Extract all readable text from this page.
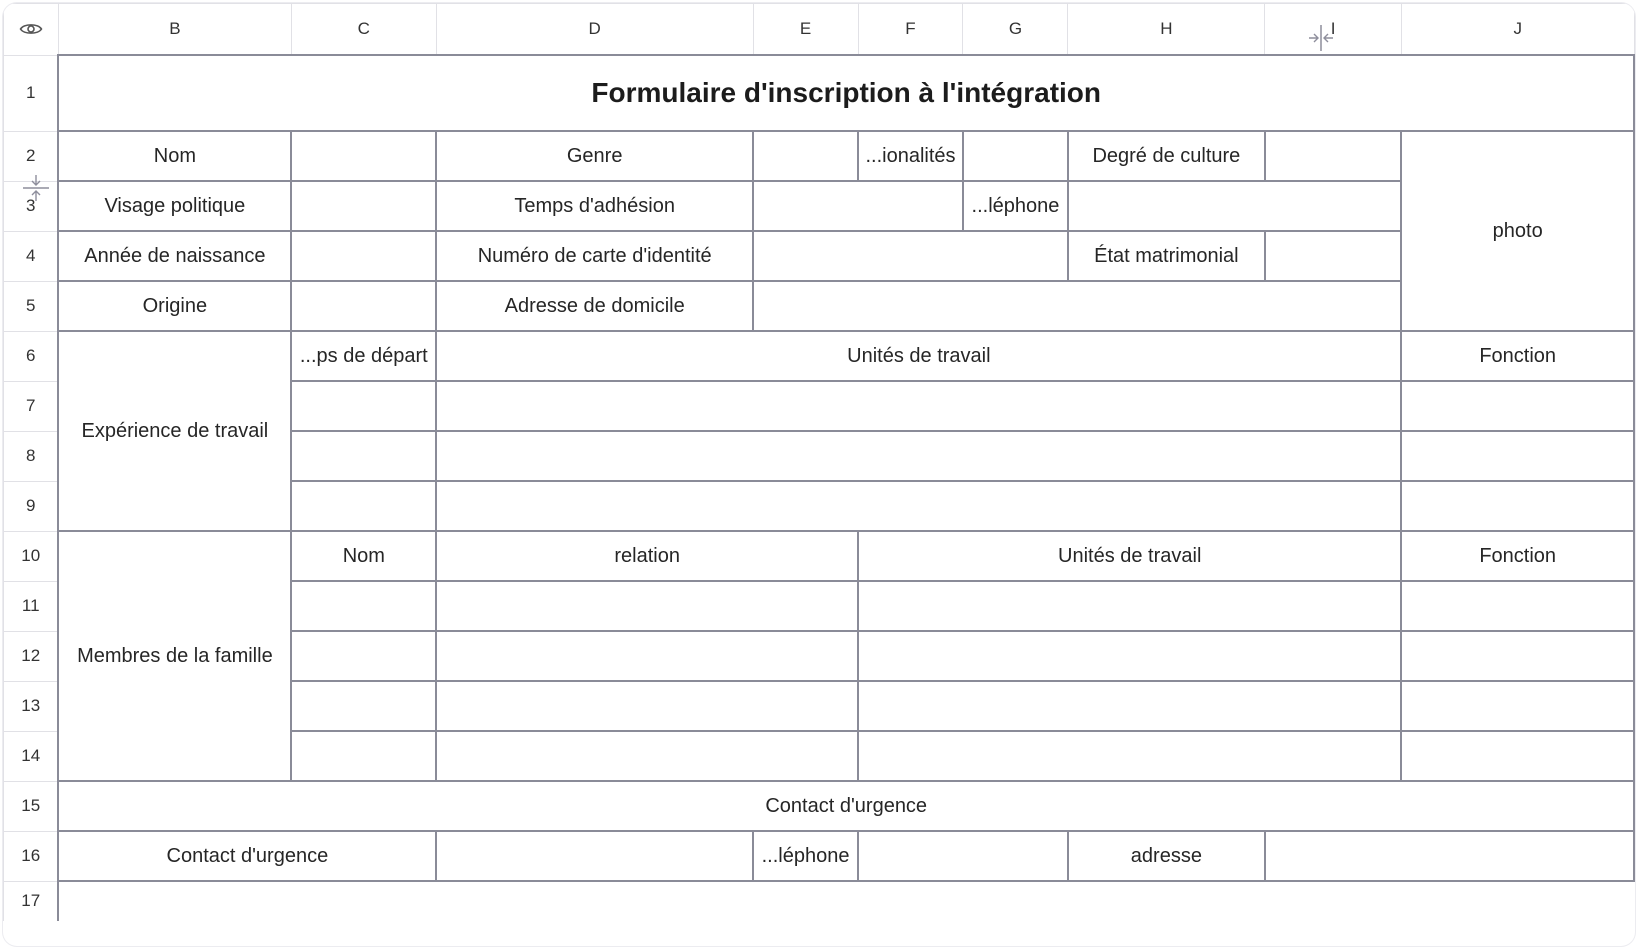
	B	C	D	E	F	G	H	I	J
1	Formulaire d'inscription à l'intégration								
2	Nom		Genre		...ionalités		Degré de culture		photo
3	Visage politique		Temps d'adhésion			...léphone			
4	Année de naissance		Numéro de carte d'identité				État matrimonial		
5	Origine		Adresse de domicile						
6	Expérience de travail	...ps de départ	Unités de travail						Fonction
7									
8									
9									
10	Membres de la famille	Nom	relation		Unités de travail				Fonction
11									
12									
13									
14									
15	Contact d'urgence								
16	Contact d'urgence			...léphone			adresse		
17									
